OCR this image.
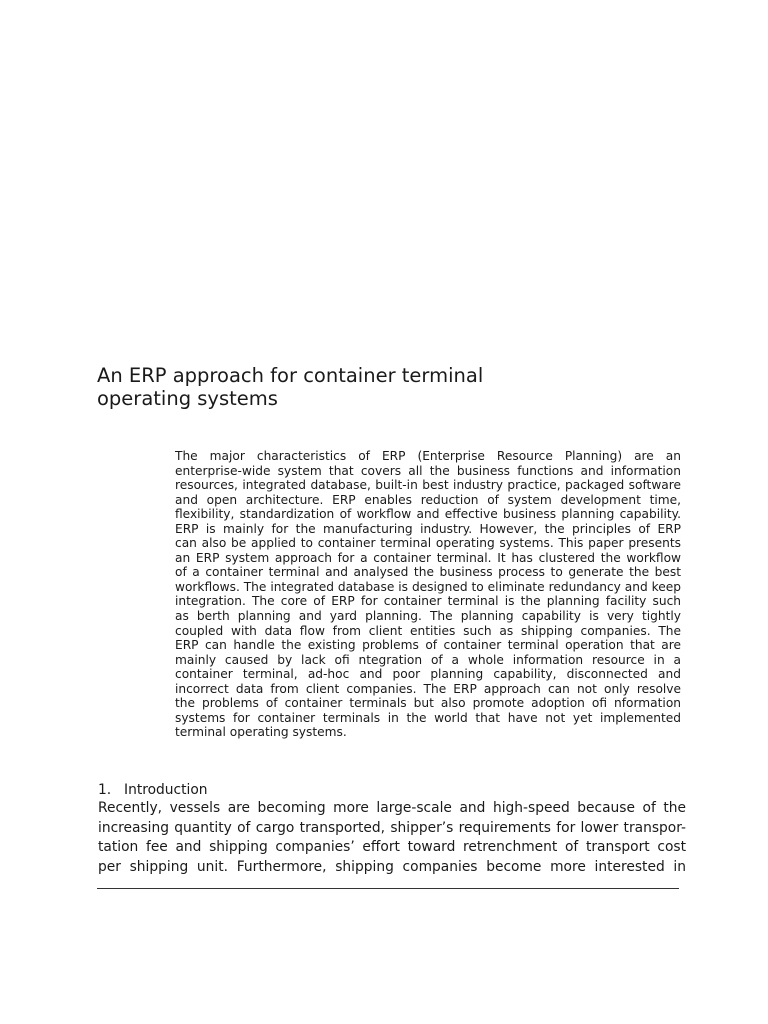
An ERP approach for container terminal
operating systems
The major characteristics of ERP (Enterprise Resource Planning) are an
enterprise-wide system that covers all the business functions and information
resources, integrated database, built-in best industry practice, packaged software
and open architecture. ERP enables reduction of system development time,
flexibility, standardization of workflow and effective business planning capability.
ERP is mainly for the manufacturing industry. However, the principles of ERP
can also be applied to container terminal operating systems. This paper presents
an ERP system approach for a container terminal. It has clustered the workflow
of a container terminal and analysed the business process to generate the best
workflows. The integrated database is designed to eliminate redundancy and keep
integration. The core of ERP for container terminal is the planning facility such
as berth planning and yard planning. The planning capability is very tightly
coupled with data flow from client entities such as shipping companies. The
ERP can handle the existing problems of container terminal operation that are
mainly caused by lack ofi ntegration of a whole information resource in a
container terminal, ad-hoc and poor planning capability, disconnected and
incorrect data from client companies. The ERP approach can not only resolve
the problems of container terminals but also promote adoption ofi nformation
systems for container terminals in the world that have not yet implemented
terminal operating systems.
1. Introduction
Recently, vessels are becoming more large-scale and high-speed because of the
increasing quantity of cargo transported, shipper’s requirements for lower transpor-
tation fee and shipping companies’ effort toward retrenchment of transport cost
per shipping unit. Furthermore, shipping companies become more interested in
